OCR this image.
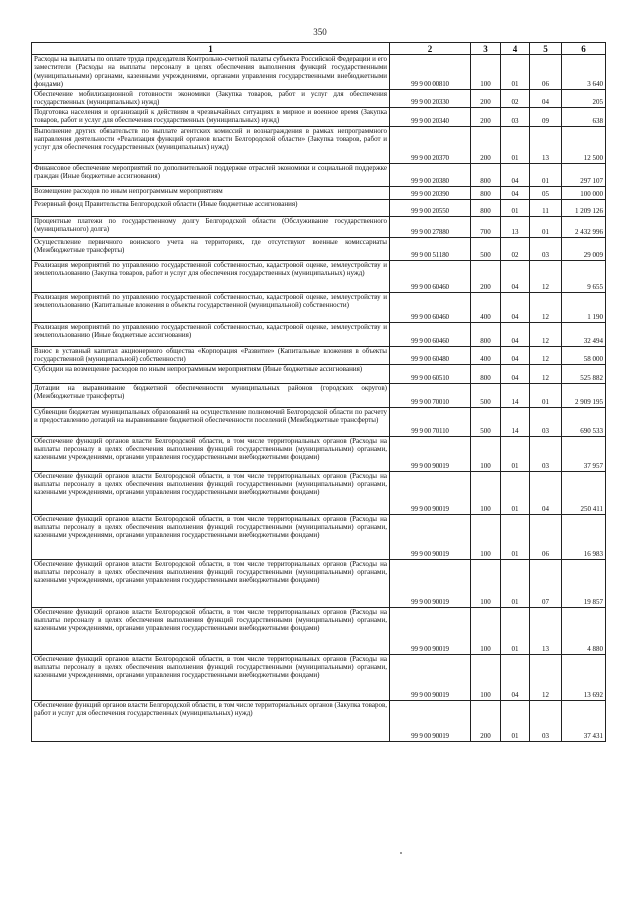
350
1	2	3	4	5	6
Расходы на выплаты по оплате труда председателя Контрольно-счетной палаты субъекта Российской Федерации и его заместители (Расходы на выплаты персоналу в целях обеспечения выполнения функций государственными (муниципальными) органами, казенными учреждениями, органами управления государственными внебюджетными фондами)	99 9 00 00810	100	01	06	3 640
Обеспечение мобилизационной готовности экономики (Закупка товаров, работ и услуг для обеспечения государственных (муниципальных) нужд)	99 9 00 20330	200	02	04	205
Подготовка населения и организаций к действиям в чрезвычайных ситуациях в мирное и военное время (Закупка товаров, работ и услуг для обеспечения государственных (муниципальных) нужд)	99 9 00 20340	200	03	09	638
Выполнение других обязательств по выплате агентских комиссий и вознаграждения в рамках непрограммного направления деятельности «Реализация функций органов власти Белгородской области» (Закупка товаров, работ и услуг для обеспечения государственных (муниципальных) нужд)	99 9 00 20370	200	01	13	12 500
Финансовое обеспечение мероприятий по дополнительной поддержке отраслей экономики и социальной поддержке граждан (Иные бюджетные ассигнования)	99 9 00 20380	800	04	01	297 107
Возмещение расходов по иным непрограммным мероприятиям	99 9 00 20390	800	04	05	100 000
Резервный фонд Правительства Белгородской области (Иные бюджетные ассигнования)	99 9 00 20550	800	01	11	1 209 126
Процентные платежи по государственному долгу Белгородской области (Обслуживание государственного (муниципального) долга)	99 9 00 27880	700	13	01	2 432 996
Осуществление первичного воинского учета на территориях, где отсутствуют военные комиссариаты (Межбюджетные трансферты)	99 9 00 51180	500	02	03	29 009
Реализация мероприятий по управлению государственной собственностью, кадастровой оценке, землеустройству и землепользованию (Закупка товаров, работ и услуг для обеспечения государственных (муниципальных) нужд)	99 9 00 60460	200	04	12	9 655
Реализация мероприятий по управлению государственной собственностью, кадастровой оценке, землеустройству и землепользованию (Капитальные вложения в объекты государственной (муниципальной) собственности)	99 9 00 60460	400	04	12	1 190
Реализация мероприятий по управлению государственной собственностью, кадастровой оценке, землеустройству и землепользованию (Иные бюджетные ассигнования)	99 9 00 60460	800	04	12	32 494
Взнос в уставный капитал акционерного общества «Корпорация «Развитие» (Капитальные вложения в объекты государственной (муниципальной) собственности)	99 9 00 60480	400	04	12	58 000
Субсидии на возмещение расходов по иным непрограммным мероприятиям (Иные бюджетные ассигнования)	99 9 00 60510	800	04	12	525 882
Дотации на выравнивание бюджетной обеспеченности муниципальных районов (городских округов) (Межбюджетные трансферты)	99 9 00 70010	500	14	01	2 909 195
Субвенции бюджетам муниципальных образований на осуществление полномочий Белгородской области по расчету и предоставлению дотаций на выравнивание бюджетной обеспеченности поселений (Межбюджетные трансферты)	99 9 00 70110	500	14	03	690 533
Обеспечение функций органов власти Белгородской области, в том числе территориальных органов (Расходы на выплаты персоналу в целях обеспечения выполнения функций государственными (муниципальными) органами, казенными учреждениями, органами управления государственными внебюджетными фондами)	99 9 00 90019	100	01	03	37 957
Обеспечение функций органов власти Белгородской области, в том числе территориальных органов (Расходы на выплаты персоналу в целях обеспечения выполнения функций государственными (муниципальными) органами, казенными учреждениями, органами управления государственными внебюджетными фондами)	99 9 00 90019	100	01	04	250 411
Обеспечение функций органов власти Белгородской области, в том числе территориальных органов (Расходы на выплаты персоналу в целях обеспечения выполнения функций государственными (муниципальными) органами, казенными учреждениями, органами управления государственными внебюджетными фондами)	99 9 00 90019	100	01	06	16 983
Обеспечение функций органов власти Белгородской области, в том числе территориальных органов (Расходы на выплаты персоналу в целях обеспечения выполнения функций государственными (муниципальными) органами, казенными учреждениями, органами управления государственными внебюджетными фондами)	99 9 00 90019	100	01	07	19 857
Обеспечение функций органов власти Белгородской области, в том числе территориальных органов (Расходы на выплаты персоналу в целях обеспечения выполнения функций государственными (муниципальными) органами, казенными учреждениями, органами управления государственными внебюджетными фондами)	99 9 00 90019	100	01	13	4 880
Обеспечение функций органов власти Белгородской области, в том числе территориальных органов (Расходы на выплаты персоналу в целях обеспечения выполнения функций государственными (муниципальными) органами, казенными учреждениями, органами управления государственными внебюджетными фондами)	99 9 00 90019	100	04	12	13 692
Обеспечение функций органов власти Белгородской области, в том числе территориальных органов (Закупка товаров, работ и услуг для обеспечения государственных (муниципальных) нужд)	99 9 00 90019	200	01	03	37 431
